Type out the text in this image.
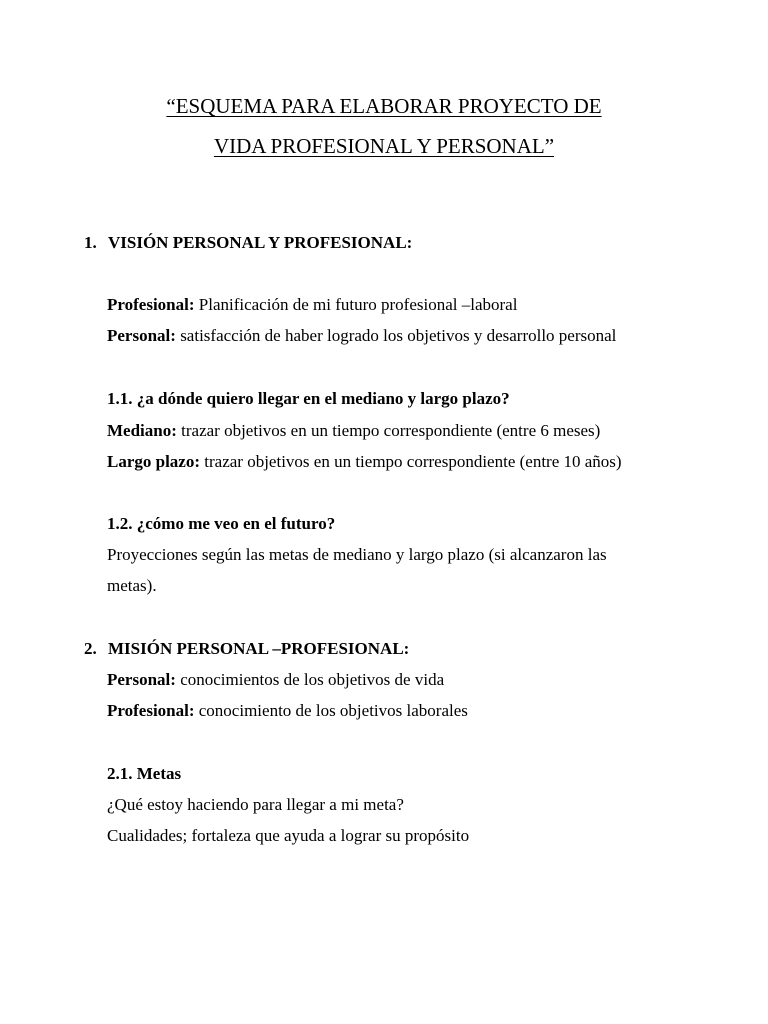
“ESQUEMA PARA ELABORAR PROYECTO DE
VIDA PROFESIONAL Y PERSONAL”
1. VISIÓN PERSONAL Y PROFESIONAL:
Profesional: Planificación de mi futuro profesional –laboral
Personal: satisfacción de haber logrado los objetivos y desarrollo personal
1.1. ¿a dónde quiero llegar en el mediano y largo plazo?
Mediano: trazar objetivos en un tiempo correspondiente (entre 6 meses)
Largo plazo: trazar objetivos en un tiempo correspondiente (entre 10 años)
1.2. ¿cómo me veo en el futuro?
Proyecciones según las metas de mediano y largo plazo (si alcanzaron las
metas).
2. MISIÓN PERSONAL –PROFESIONAL:
Personal: conocimientos de los objetivos de vida
Profesional: conocimiento de los objetivos laborales
2.1. Metas
¿Qué estoy haciendo para llegar a mi meta?
Cualidades; fortaleza que ayuda a lograr su propósito
